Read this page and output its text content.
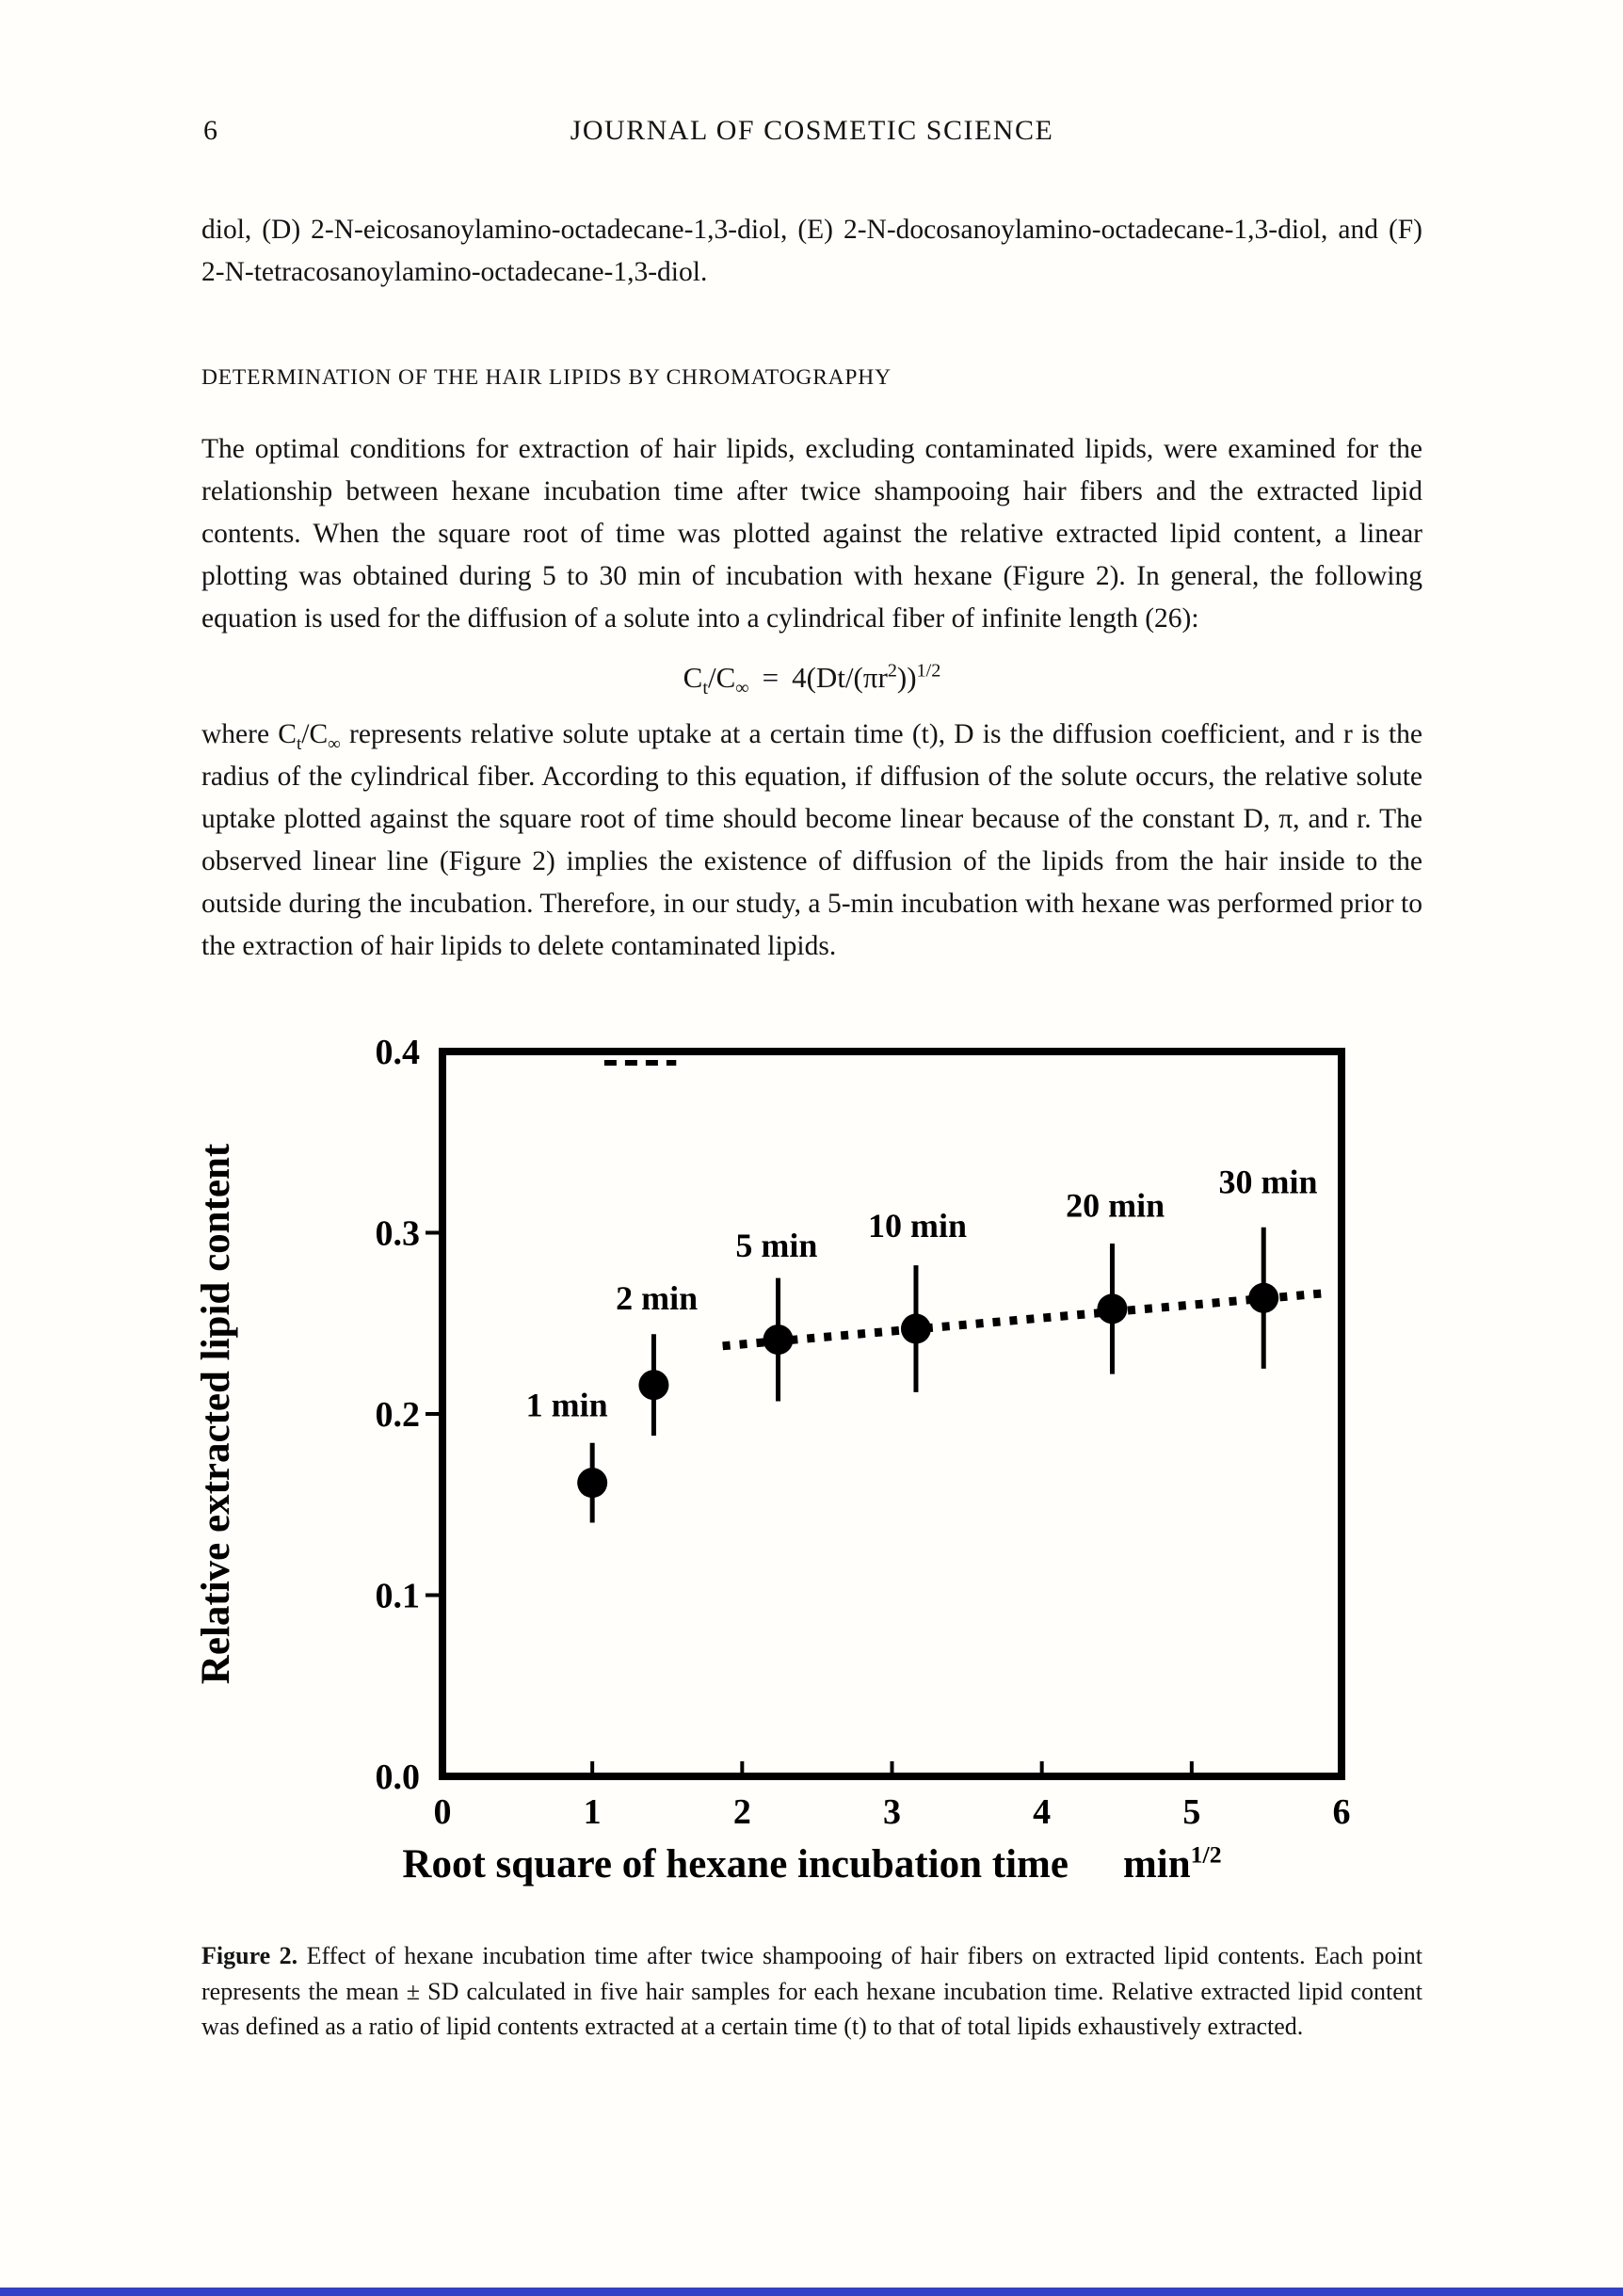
6	JOURNAL OF COSMETIC SCIENCE

diol, (D) 2-N-eicosanoylamino-octadecane-1,3-diol, (E) 2-N-docosanoylamino-octadecane-1,3-diol, and (F) 2-N-tetracosanoylamino-octadecane-1,3-diol.

DETERMINATION OF THE HAIR LIPIDS BY CHROMATOGRAPHY

The optimal conditions for extraction of hair lipids, excluding contaminated lipids, were examined for the relationship between hexane incubation time after twice shampooing hair fibers and the extracted lipid contents. When the square root of time was plotted against the relative extracted lipid content, a linear plotting was obtained during 5 to 30 min of incubation with hexane (Figure 2). In general, the following equation is used for the diffusion of a solute into a cylindrical fiber of infinite length (26):

$C_t/C_\infty = 4(Dt/(\pi r^2))^{1/2}$

where $C_t/C_\infty$ represents relative solute uptake at a certain time (t), D is the diffusion coefficient, and r is the radius of the cylindrical fiber. According to this equation, if diffusion of the solute occurs, the relative solute uptake plotted against the square root of time should become linear because of the constant D, π, and r. The observed linear line (Figure 2) implies the existence of diffusion of the lipids from the hair inside to the outside during the incubation. Therefore, in our study, a 5-min incubation with hexane was performed prior to the extraction of hair lipids to delete contaminated lipids.

0.0
0.1
0.2
0.3
0.4
0	1	2	3	4	5	6
1 min
2 min
5 min
10 min
20 min
30 min
Relative extracted lipid content
Root square of hexane incubation time $\min^{1/2}$
Figure 2. Effect of hexane incubation time after twice shampooing of hair fibers on extracted lipid contents. Each point represents the mean ± SD calculated in five hair samples for each hexane incubation time. Relative extracted lipid content was defined as a ratio of lipid contents extracted at a certain time (t) to that of total lipids exhaustively extracted.
